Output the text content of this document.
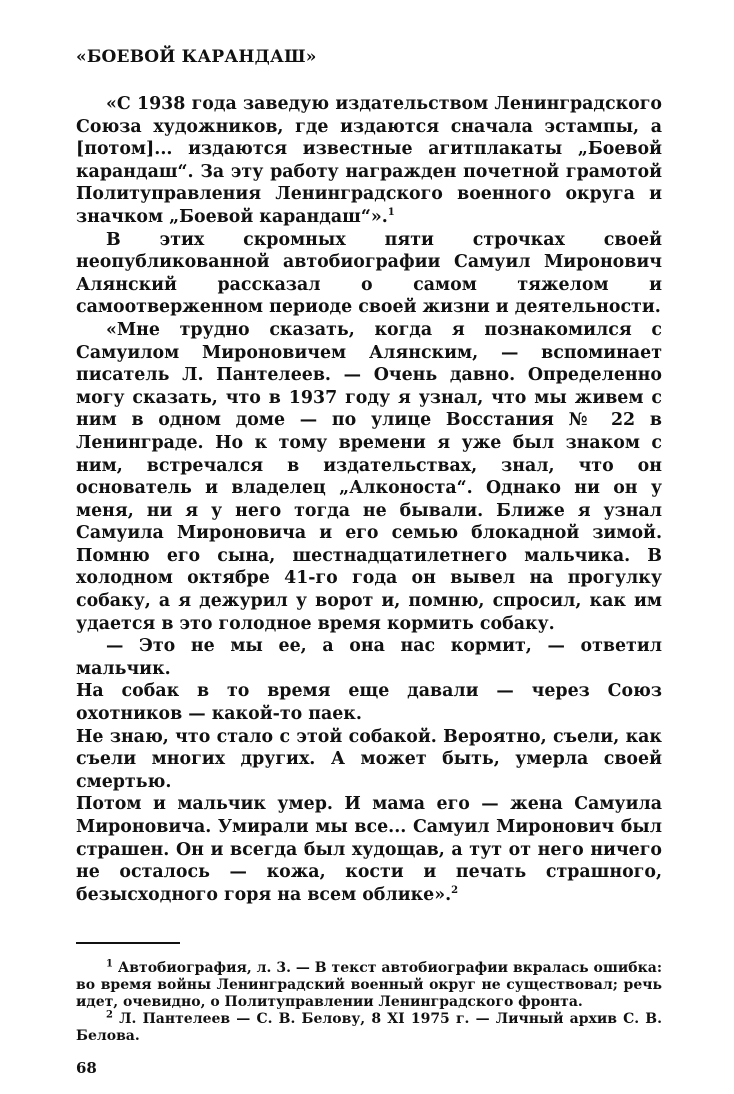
«БОЕВОЙ КАРАНДАШ»

«С 1938 года заведую издательством Ленинградского Союза художников, где издаются сначала эстампы, а [потом]... издаются известные агитплакаты „Боевой карандаш“. За эту работу награжден почетной грамотой Политуправления Ленинградского военного округа и значком „Боевой карандаш“».$^1$

В этих скромных пяти строчках своей неопубликованной автобиографии Самуил Миронович Алянский рассказал о самом тяжелом и самоотверженном периоде своей жизни и деятельности.

«Мне трудно сказать, когда я познакомился с Самуилом Мироновичем Алянским, — вспоминает писатель Л. Пантелеев. — Очень давно. Определенно могу сказать, что в 1937 году я узнал, что мы живем с ним в одном доме — по улице Восстания № 22 в Ленинграде. Но к тому времени я уже был знаком с ним, встречался в издательствах, знал, что он основатель и владелец „Алконоста“. Однако ни он у меня, ни я у него тогда не бывали. Ближе я узнал Самуила Мироновича и его семью блокадной зимой. Помню его сына, шестнадцатилетнего мальчика. В холодном октябре 41-го года он вывел на прогулку собаку, а я дежурил у ворот и, помню, спросил, как им удается в это голодное время кормить собаку.

— Это не мы ее, а она нас кормит, — ответил мальчик.

На собак в то время еще давали — через Союз охотников — какой-то паек.

Не знаю, что стало с этой собакой. Вероятно, съели, как съели многих других. А может быть, умерла своей смертью.

Потом и мальчик умер. И мама его — жена Самуила Мироновича. Умирали мы все... Самуил Миронович был страшен. Он и всегда был худощав, а тут от него ничего не осталось — кожа, кости и печать страшного, безысходного горя на всем облике».$^2$

$^1$ Автобиография, л. 3. — В текст автобиографии вкралась ошибка: во время войны Ленинградский военный округ не существовал; речь идет, очевидно, о Политуправлении Ленинградского фронта.

$^2$ Л. Пантелеев — С. В. Белову, 8 XI 1975 г. — Личный архив С. В. Белова.

68
